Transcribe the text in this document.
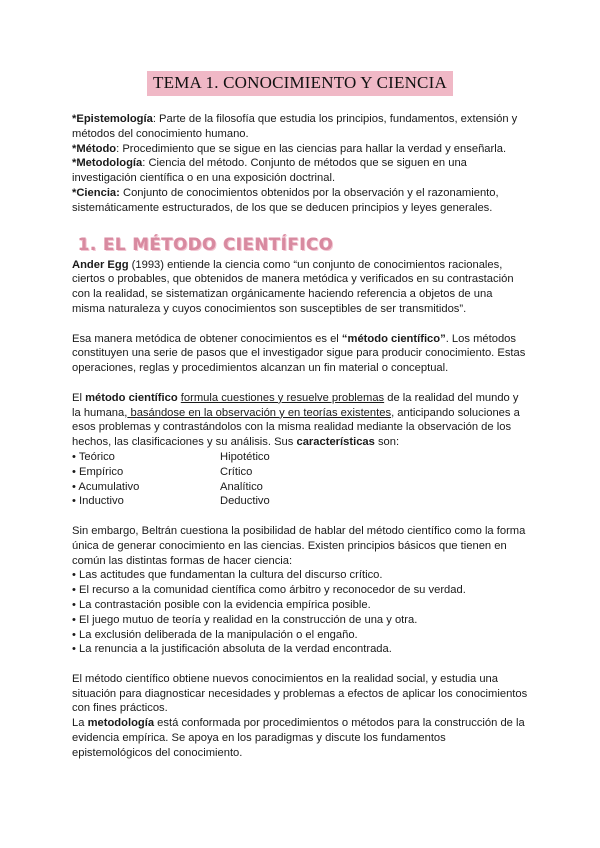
TEMA 1. CONOCIMIENTO Y CIENCIA

*Epistemología: Parte de la filosofía que estudia los principios, fundamentos, extensión y métodos del conocimiento humano.

*Método: Procedimiento que se sigue en las ciencias para hallar la verdad y enseñarla.

*Metodología: Ciencia del método. Conjunto de métodos que se siguen en una investigación científica o en una exposición doctrinal.

*Ciencia: Conjunto de conocimientos obtenidos por la observación y el razonamiento, sistemáticamente estructurados, de los que se deducen principios y leyes generales.

1. EL MÉTODO CIENTÍFICO

Ander Egg (1993) entiende la ciencia como “un conjunto de conocimientos racionales, ciertos o probables, que obtenidos de manera metódica y verificados en su contrastación con la realidad, se sistematizan orgánicamente haciendo referencia a objetos de una misma naturaleza y cuyos conocimientos son susceptibles de ser transmitidos”.

Esa manera metódica de obtener conocimientos es el “método científico”. Los métodos constituyen una serie de pasos que el investigador sigue para producir conocimiento. Estas operaciones, reglas y procedimientos alcanzan un fin material o conceptual.

El método científico formula cuestiones y resuelve problemas de la realidad del mundo y la humana, basándose en la observación y en teorías existentes, anticipando soluciones a esos problemas y contrastándolos con la misma realidad mediante la observación de los hechos, las clasificaciones y su análisis. Sus características son:

• Teórico	Hipotético
• Empírico	Crítico
• Acumulativo	Analítico
• Inductivo	Deductivo

Sin embargo, Beltrán cuestiona la posibilidad de hablar del método científico como la forma única de generar conocimiento en las ciencias. Existen principios básicos que tienen en común las distintas formas de hacer ciencia:

• Las actitudes que fundamentan la cultura del discurso crítico.
• El recurso a la comunidad científica como árbitro y reconocedor de su verdad.
• La contrastación posible con la evidencia empírica posible.
• El juego mutuo de teoría y realidad en la construcción de una y otra.
• La exclusión deliberada de la manipulación o el engaño.
• La renuncia a la justificación absoluta de la verdad encontrada.

El método científico obtiene nuevos conocimientos en la realidad social, y estudia una situación para diagnosticar necesidades y problemas a efectos de aplicar los conocimientos con fines prácticos.

La metodología está conformada por procedimientos o métodos para la construcción de la evidencia empírica. Se apoya en los paradigmas y discute los fundamentos epistemológicos del conocimiento.
